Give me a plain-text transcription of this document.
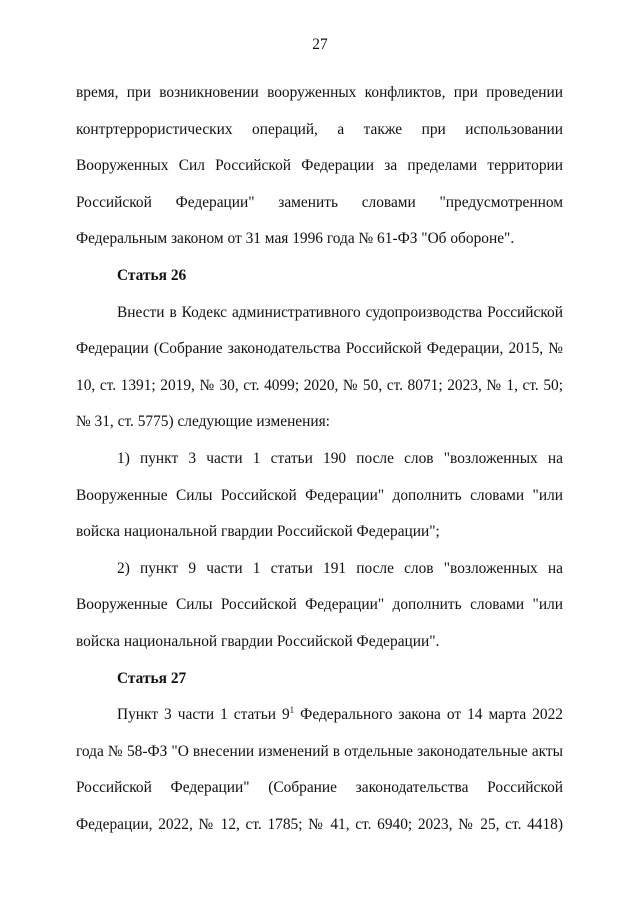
27

время, при возникновении вооруженных конфликтов, при проведении контртеррористических операций, а также при использовании Вооруженных Сил Российской Федерации за пределами территории Российской Федерации" заменить словами "предусмотренном Федеральным законом от 31 мая 1996 года № 61-ФЗ "Об обороне".

Статья 26

Внести в Кодекс административного судопроизводства Российской Федерации (Собрание законодательства Российской Федерации, 2015, № 10, ст. 1391; 2019, № 30, ст. 4099; 2020, № 50, ст. 8071; 2023, № 1, ст. 50; № 31, ст. 5775) следующие изменения:

1) пункт 3 части 1 статьи 190 после слов "возложенных на Вооруженные Силы Российской Федерации" дополнить словами "или войска национальной гвардии Российской Федерации";

2) пункт 9 части 1 статьи 191 после слов "возложенных на Вооруженные Силы Российской Федерации" дополнить словами "или войска национальной гвардии Российской Федерации".

Статья 27

Пункт 3 части 1 статьи $9^1$ Федерального закона от 14 марта 2022 года № 58-ФЗ "О внесении изменений в отдельные законодательные акты Российской Федерации" (Собрание законодательства Российской Федерации, 2022, № 12, ст. 1785; № 41, ст. 6940; 2023, № 25, ст. 4418)
